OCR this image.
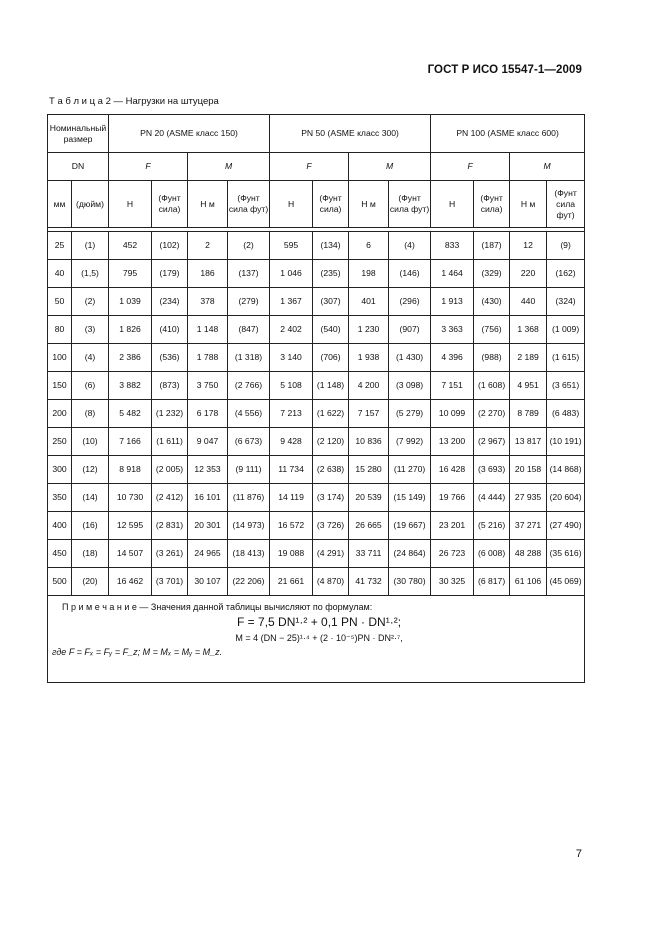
ГОСТ Р ИСО 15547-1—2009
Т а б л и ц а 2 — Нагрузки на штуцера
Номинальный размер		PN 20 (ASME класс 150)				PN 50 (ASME класс 300)				PN 100 (ASME класс 600)			
DN		F		M		F		M		F		M	
мм	(дюйм)	Н	(Фунт сила)	Н м	(Фунт сила фут)	Н	(Фунт сила)	Н м	(Фунт сила фут)	Н	(Фунт сила)	Н м	(Фунт сила фут)

25	(1)	452	(102)	2	(2)	595	(134)	6	(4)	833	(187)	12	(9)
40	(1,5)	795	(179)	186	(137)	1 046	(235)	198	(146)	1 464	(329)	220	(162)
50	(2)	1 039	(234)	378	(279)	1 367	(307)	401	(296)	1 913	(430)	440	(324)
80	(3)	1 826	(410)	1 148	(847)	2 402	(540)	1 230	(907)	3 363	(756)	1 368	(1 009)
100	(4)	2 386	(536)	1 788	(1 318)	3 140	(706)	1 938	(1 430)	4 396	(988)	2 189	(1 615)
150	(6)	3 882	(873)	3 750	(2 766)	5 108	(1 148)	4 200	(3 098)	7 151	(1 608)	4 951	(3 651)
200	(8)	5 482	(1 232)	6 178	(4 556)	7 213	(1 622)	7 157	(5 279)	10 099	(2 270)	8 789	(6 483)
250	(10)	7 166	(1 611)	9 047	(6 673)	9 428	(2 120)	10 836	(7 992)	13 200	(2 967)	13 817	(10 191)
300	(12)	8 918	(2 005)	12 353	(9 111)	11 734	(2 638)	15 280	(11 270)	16 428	(3 693)	20 158	(14 868)
350	(14)	10 730	(2 412)	16 101	(11 876)	14 119	(3 174)	20 539	(15 149)	19 766	(4 444)	27 935	(20 604)
400	(16)	12 595	(2 831)	20 301	(14 973)	16 572	(3 726)	26 665	(19 667)	23 201	(5 216)	37 271	(27 490)
450	(18)	14 507	(3 261)	24 965	(18 413)	19 088	(4 291)	33 711	(24 864)	26 723	(6 008)	48 288	(35 616)
500	(20)	16 462	(3 701)	30 107	(22 206)	21 661	(4 870)	41 732	(30 780)	30 325	(6 817)	61 106	(45 069)

П р и м е ч а н и е — Значения данной таблицы вычисляют по формулам:
F = 7,5 DN¹·² + 0,1 PN · DN¹·²;
M = 4 (DN − 25)¹·⁴ + (2 · 10⁻⁵)PN · DN²·⁷,
где F = Fₓ = Fᵧ = F_z; M = Mₓ = Mᵧ = M_z.													
7
